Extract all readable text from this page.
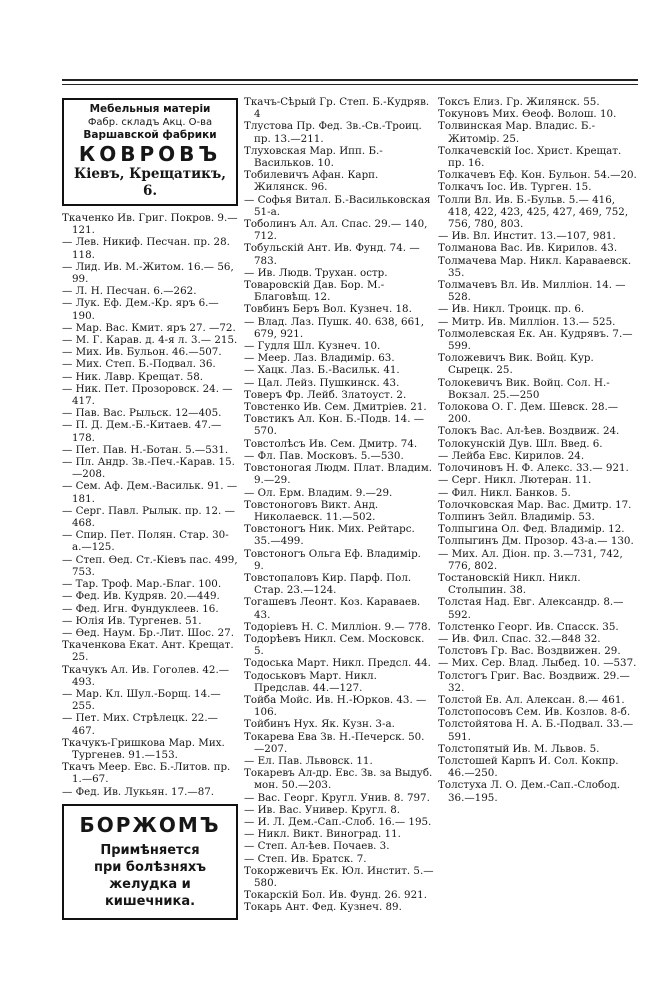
Мебельныя матеріи
Фабр. складъ Акц. О-ва
Варшавской фабрики
КОВРОВЪ
Кіевъ, Крещатикъ, 6.

Ткаченко Ив. Григ. Покров. 9.—121.

— Лев. Никиф. Песчан. пр. 28. 118.

— Лид. Ив. М.-Житом. 16.— 56, 99.

— Л. Н. Песчан. 6.—262.

— Лук. Еф. Дем.-Кр. яръ 6.— 190.

— Мар. Вас. Кмит. яръ 27. —72.

— М. Г. Карав. д. 4-я л. 3.— 215.

— Мих. Ив. Бульон. 46.—507.

— Мих. Степ. Б.-Подвал. 36.

— Ник. Лавр. Крещат. 58.

— Ник. Пет. Прозоровск. 24. —417.

— Пав. Вас. Рыльск. 12—405.

— П. Д. Дем.-Б.-Китаев. 47.— 178.

— Пет. Пав. Н.-Ботан. 5.—531.

— Пл. Андр. Зв.-Печ.-Карав. 15.—208.

— Сем. Аф. Дем.-Васильк. 91. —181.

— Серг. Павл. Рылык. пр. 12. —468.

— Спир. Пет. Полян. Стар. 30-а.—125.

— Степ. Өед. Ст.-Кіевъ пас. 499, 753.

— Тар. Троф. Мар.-Благ. 100.

— Фед. Ив. Кудряв. 20.—449.

— Фед. Игн. Фундуклеев. 16.

— Юлія Ив. Тургенев. 51.

— Өед. Наум. Бр.-Лит. Шос. 27.

Ткаченкова Екат. Ант. Крещат. 25.

Ткачукъ Ал. Ив. Гоголев. 42.— 493.

— Мар. Кл. Шул.-Борщ. 14.— 255.

— Пет. Мих. Стрѣлецк. 22.— 467.

Ткачукъ-Гришкова Мар. Мих. Тургенев. 91.—153.

Ткачъ Меер. Евс. Б.-Литов. пр. 1.—67.

— Фед. Ив. Лукьян. 17.—87.

БОРЖОМЪ
Примѣняется
при болѣзняхъ
желудка и
кишечника.

Ткачъ-Сѣрый Гр. Степ. Б.-Кудряв. 4

Тлустова Пр. Фед. Зв.-Св.-Троиц. пр. 13.—211.

Тлуховская Мар. Ипп. Б.-Васильков. 10.

Тобилевичъ Афан. Карп. Жилянск. 96.

— Софья Витал. Б.-Васильковская 51-а.

Тоболинъ Ал. Ал. Спас. 29.— 140, 712.

Тобульскій Ант. Ив. Фунд. 74. —783.

— Ив. Людв. Трухан. остр.

Товаровскій Дав. Бор. М.-Благовѣщ. 12.

Товбинъ Беръ Вол. Кузнеч. 18.

— Влад. Лаз. Пушк. 40. 638, 661, 679, 921.

— Гудля Шл. Кузнеч. 10.

— Меер. Лаз. Владимір. 63.

— Хацк. Лаз. Б.-Васильк. 41.

— Цал. Лейз. Пушкинск. 43.

Товеръ Фр. Лейб. Златоуст. 2.

Товстенко Ив. Сем. Дмитріев. 21.

Товстикъ Ал. Кон. Б.-Подв. 14. —570.

Товстолѣсъ Ив. Сем. Дмитр. 74.

— Фл. Пав. Московъ. 5.—530.

Товстоногая Людм. Плат. Владим. 9.—29.

— Ол. Ерм. Владим. 9.—29.

Товстоноговъ Викт. Анд. Николаевск. 11.—502.

Товстоногъ Ник. Мих. Рейтарс. 35.—499.

Товстоногъ Ольга Еф. Владимір. 9.

Товстопаловъ Кир. Парф. Пол. Стар. 23.—124.

Тогашевъ Леонт. Коз. Караваев. 43.

Тодоріевъ Н. С. Милліон. 9.— 778.

Тодорѣевъ Никл. Сем. Московск. 5.

Тодоська Март. Никл. Предсл. 44.

Тодоськовъ Март. Никл. Предслав. 44.—127.

Тойба Мойс. Ив. Н.-Юрков. 43. —106.

Тойбинъ Нух. Як. Кузн. 3-а.

Токарева Ева Зв. Н.-Печерск. 50.—207.

— Ел. Пав. Львовск. 11.

Токаревъ Ал-др. Евс. Зв. за Выдуб. мон. 50.—203.

— Вас. Георг. Кругл. Унив. 8. 797.

— Ив. Вас. Универ. Кругл. 8.

— И. Л. Дем.-Сап.-Слоб. 16.— 195.

— Никл. Викт. Виноград. 11.

— Степ. Ал-ѣев. Почаев. 3.

— Степ. Ив. Братск. 7.

Токоржевичъ Ек. Юл. Инстит. 5.—580.

Токарскій Бол. Ив. Фунд. 26. 921.

Токарь Ант. Фед. Кузнеч. 89.

Токсъ Елиз. Гр. Жилянск. 55.

Токуновъ Мих. Өеоф. Волош. 10.

Толвинская Мар. Владис. Б.-Житомір. 25.

Толкачевскій Іос. Христ. Крещат. пр. 16.

Толкачевъ Еф. Кон. Бульон. 54.—20.

Толкачъ Іос. Ив. Турген. 15.

Толли Вл. Ив. Б.-Бульв. 5.— 416, 418, 422, 423, 425, 427, 469, 752, 756, 780, 803.

— Ив. Вл. Инстит. 13.—107, 981.

Толманова Вас. Ив. Кирилов. 43.

Толмачева Мар. Никл. Караваевск. 35.

Толмачевъ Вл. Ив. Милліон. 14. —528.

— Ив. Никл. Троицк. пр. 6.

— Митр. Ив. Милліон. 13.— 525.

Толмолевская Ек. Ан. Кудрявъ. 7.—599.

Толожевичъ Вик. Войц. Кур. Сырецк. 25.

Толокевичъ Вик. Войц. Сол. Н.-Вокзал. 25.—250

Толокова О. Г. Дем. Шевск. 28.—200.

Толокъ Вас. Ал-ѣев. Воздвиж. 24.

Толокунскій Дув. Шл. Введ. 6.

— Лейба Евс. Кирилов. 24.

Толочиновъ Н. Ф. Алекс. 33.— 921.

— Серг. Никл. Лютеран. 11.

— Фил. Никл. Банков. 5.

Толочковская Мар. Вас. Дмитр. 17.

Толпинъ Зейл. Владимір. 53.

Толпыгина Ол. Фед. Владимір. 12.

Толпыгинъ Дм. Прозор. 43-а.— 130.

— Мих. Ал. Діон. пр. 3.—731, 742, 776, 802.

Тостановскій Никл. Никл. Столыпин. 38.

Толстая Над. Евг. Александр. 8.—592.

Толстенко Георг. Ив. Спасск. 35.

— Ив. Фил. Спас. 32.—848 32.

Толстовъ Гр. Вас. Воздвижен. 29.

— Мих. Сер. Влад. Лыбед. 10. —537.

Толстогъ Григ. Вас. Воздвиж. 29.—32.

Толстой Ев. Ал. Алексан. 8.— 461.

Толстопосовъ Сем. Ив. Козлов. 8-б.

Толстойятова Н. А. Б.-Подвал. 33.—591.

Толстопятый Ив. М. Львов. 5.

Толстошей Карпъ И. Сол. Кокпр. 46.—250.

Толстуха Л. О. Дем.-Сап.-Слобод. 36.—195.
